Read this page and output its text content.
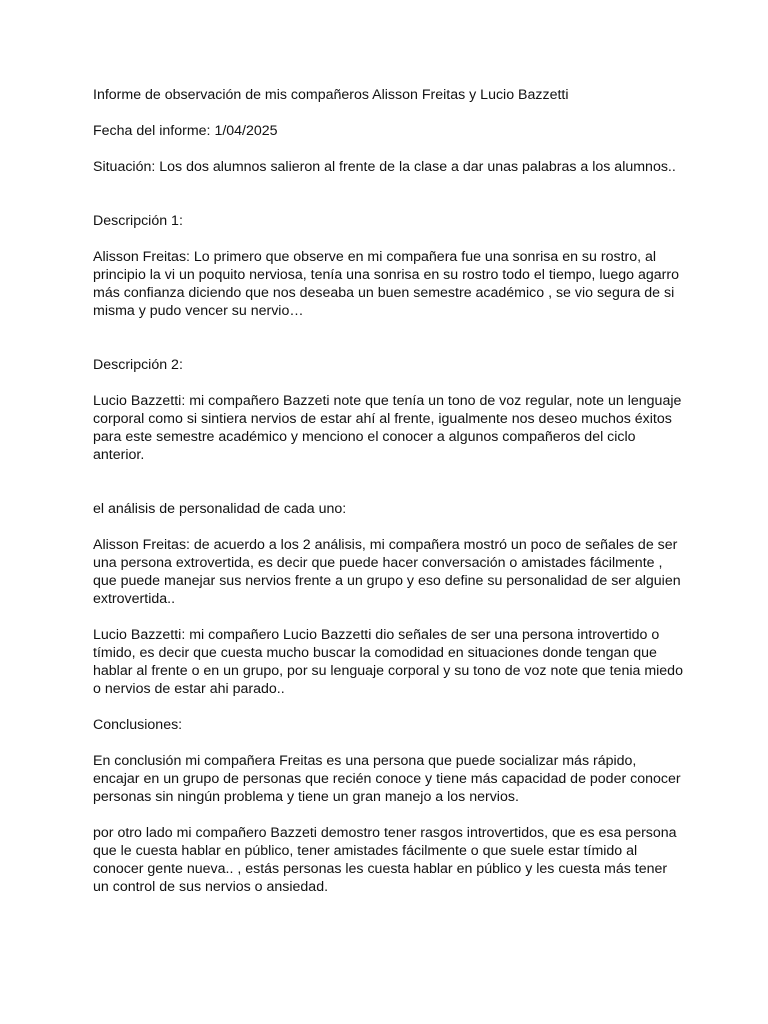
Informe de observación de mis compañeros Alisson Freitas y Lucio Bazzetti

Fecha del informe: 1/04/2025

Situación: Los dos alumnos salieron al frente de la clase a dar unas palabras a los alumnos..

Descripción 1:

Alisson Freitas: Lo primero que observe en mi compañera fue una sonrisa en su rostro, al principio la vi un poquito nerviosa, tenía una sonrisa en su rostro todo el tiempo, luego agarro más confianza diciendo que nos deseaba un buen semestre académico , se vio segura de si misma y pudo vencer su nervio…

Descripción 2:

Lucio Bazzetti: mi compañero Bazzeti note que tenía un tono de voz regular, note un lenguaje corporal como si sintiera nervios de estar ahí al frente, igualmente nos deseo muchos éxitos para este semestre académico y menciono el conocer a algunos compañeros del ciclo anterior.

el análisis de personalidad de cada uno:

Alisson Freitas: de acuerdo a los 2 análisis, mi compañera mostró un poco de señales de ser una persona extrovertida, es decir que puede hacer conversación o amistades fácilmente , que puede manejar sus nervios frente a un grupo y eso define su personalidad de ser alguien extrovertida..

Lucio Bazzetti: mi compañero Lucio Bazzetti dio señales de ser una persona introvertido o tímido, es decir que cuesta mucho buscar la comodidad en situaciones donde tengan que hablar al frente o en un grupo, por su lenguaje corporal y su tono de voz note que tenia miedo o nervios de estar ahi parado..

Conclusiones:

En conclusión mi compañera Freitas es una persona que puede socializar más rápido, encajar en un grupo de personas que recién conoce y tiene más capacidad de poder conocer personas sin ningún problema y tiene un gran manejo a los nervios.

por otro lado mi compañero Bazzeti demostro tener rasgos introvertidos, que es esa persona que le cuesta hablar en público, tener amistades fácilmente o que suele estar tímido al conocer gente nueva.. , estás personas les cuesta hablar en público y les cuesta más tener un control de sus nervios o ansiedad.
